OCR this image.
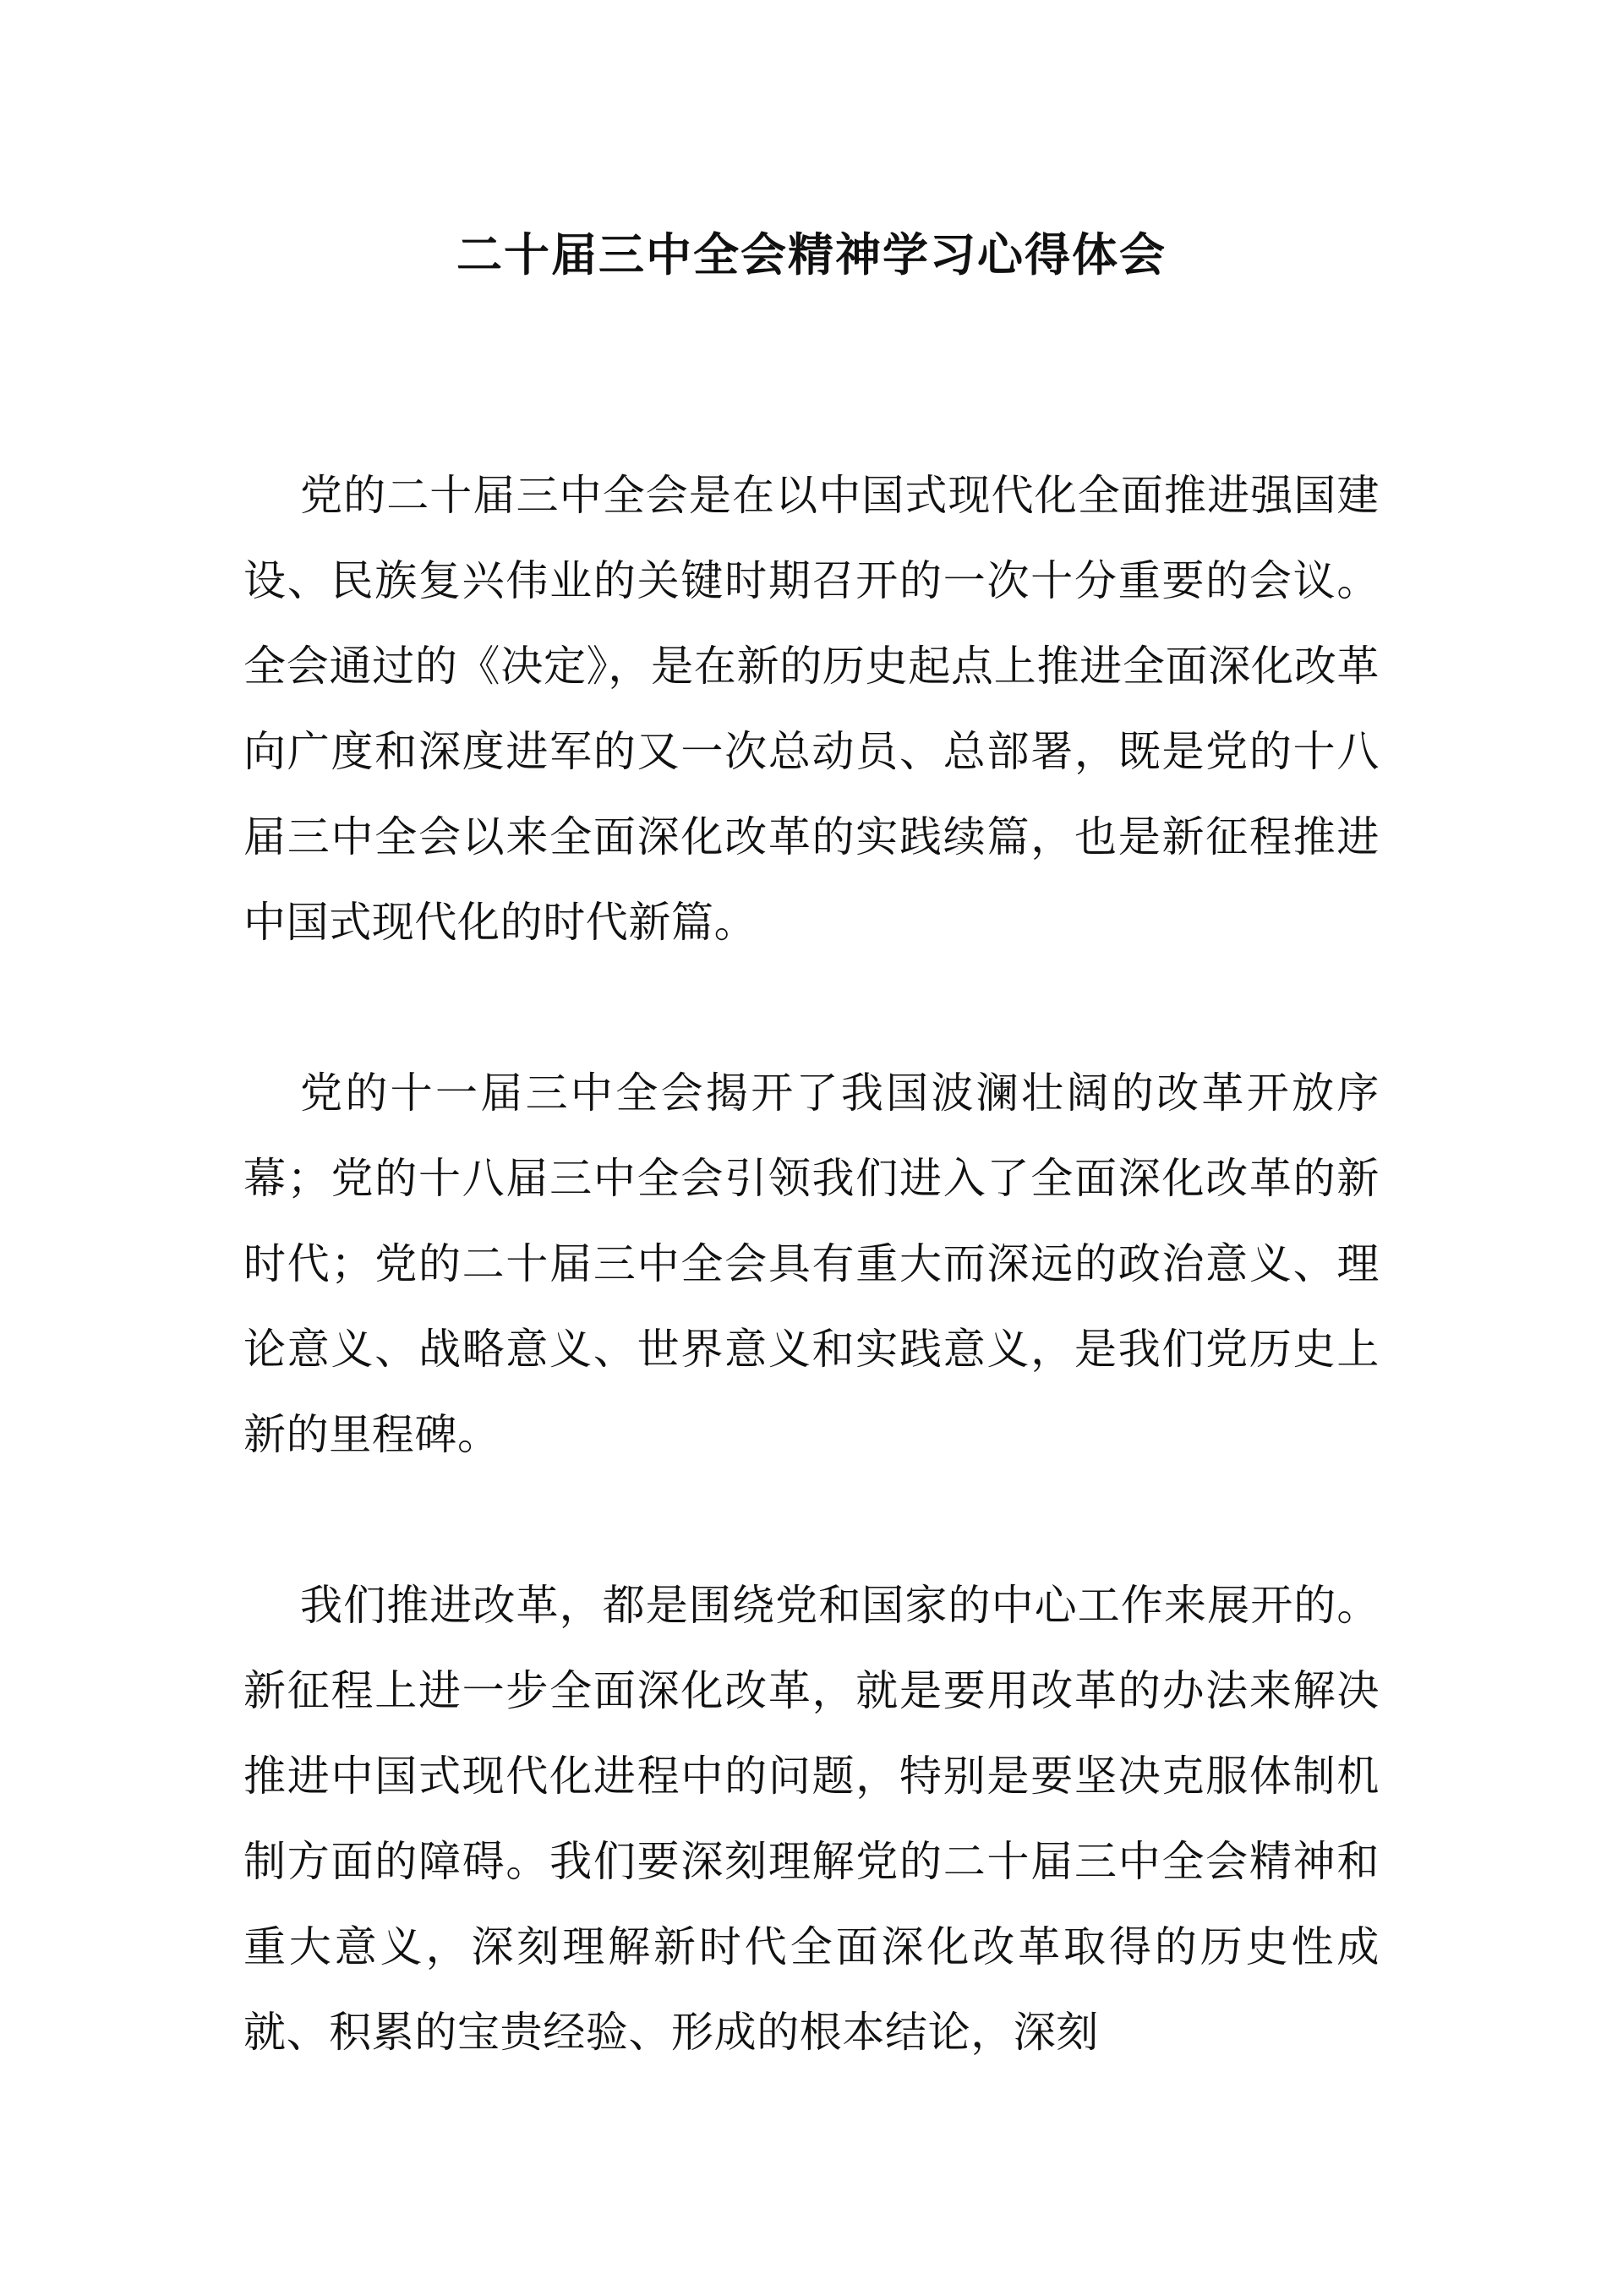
二十届三中全会精神学习心得体会

党的二十届三中全会是在以中国式现代化全面推进强国建设、民族复兴伟业的关键时期召开的一次十分重要的会议。全会通过的《决定》，是在新的历史起点上推进全面深化改革向广度和深度进军的又一次总动员、总部署，既是党的十八届三中全会以来全面深化改革的实践续篇，也是新征程推进中国式现代化的时代新篇。

党的十一届三中全会揭开了我国波澜壮阔的改革开放序幕；党的十八届三中全会引领我们进入了全面深化改革的新时代；党的二十届三中全会具有重大而深远的政治意义、理论意义、战略意义、世界意义和实践意义，是我们党历史上新的里程碑。

我们推进改革，都是围绕党和国家的中心工作来展开的。新征程上进一步全面深化改革，就是要用改革的办法来解决推进中国式现代化进程中的问题，特别是要坚决克服体制机制方面的障碍。我们要深刻理解党的二十届三中全会精神和重大意义，深刻理解新时代全面深化改革取得的历史性成就、积累的宝贵经验、形成的根本结论，深刻
